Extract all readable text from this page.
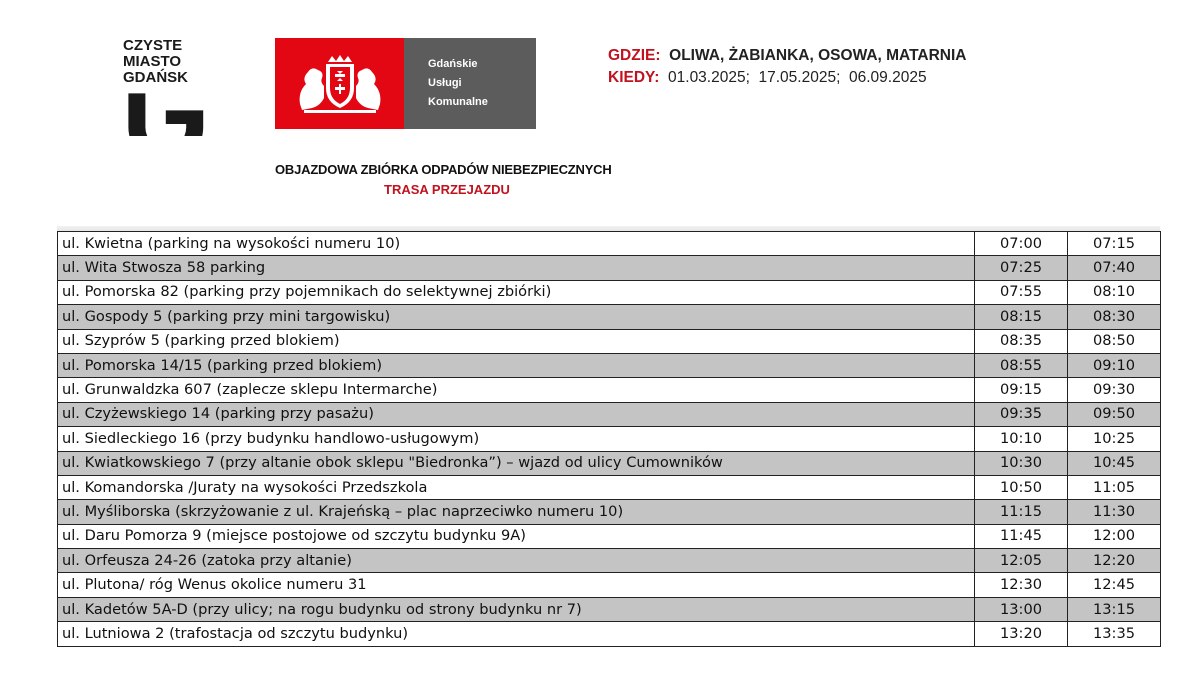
CZYSTE
MIASTO
GDAŃSK
Gdańskie
Usługi
Komunalne
GDZIE: OLIWA, ŻABIANKA, OSOWA, MATARNIA
KIEDY: 01.03.2025;  17.05.2025;  06.09.2025
OBJAZDOWA ZBIÓRKA ODPADÓW NIEBEZPIECZNYCH
TRASA PRZEJAZDU
ul. Kwietna (parking na wysokości numeru 10)	07:00	07:15
ul. Wita Stwosza 58 parking	07:25	07:40
ul. Pomorska 82 (parking przy pojemnikach do selektywnej zbiórki)	07:55	08:10
ul. Gospody 5 (parking przy mini targowisku)	08:15	08:30
ul. Szyprów 5 (parking przed blokiem)	08:35	08:50
ul. Pomorska 14/15 (parking przed blokiem)	08:55	09:10
ul. Grunwaldzka 607 (zaplecze sklepu Intermarche)	09:15	09:30
ul. Czyżewskiego 14 (parking przy pasażu)	09:35	09:50
ul. Siedleckiego 16 (przy budynku handlowo-usługowym)	10:10	10:25
ul. Kwiatkowskiego 7 (przy altanie obok sklepu "Biedronka”) – wjazd od ulicy Cumowników	10:30	10:45
ul. Komandorska /Juraty na wysokości Przedszkola	10:50	11:05
ul. Myśliborska (skrzyżowanie z ul. Krajeńską – plac naprzeciwko numeru 10)	11:15	11:30
ul. Daru Pomorza 9 (miejsce postojowe od szczytu budynku 9A)	11:45	12:00
ul. Orfeusza 24-26 (zatoka przy altanie)	12:05	12:20
ul. Plutona/ róg Wenus okolice numeru 31	12:30	12:45
ul. Kadetów 5A-D (przy ulicy; na rogu budynku od strony budynku nr 7)	13:00	13:15
ul. Lutniowa 2 (trafostacja od szczytu budynku)	13:20	13:35
